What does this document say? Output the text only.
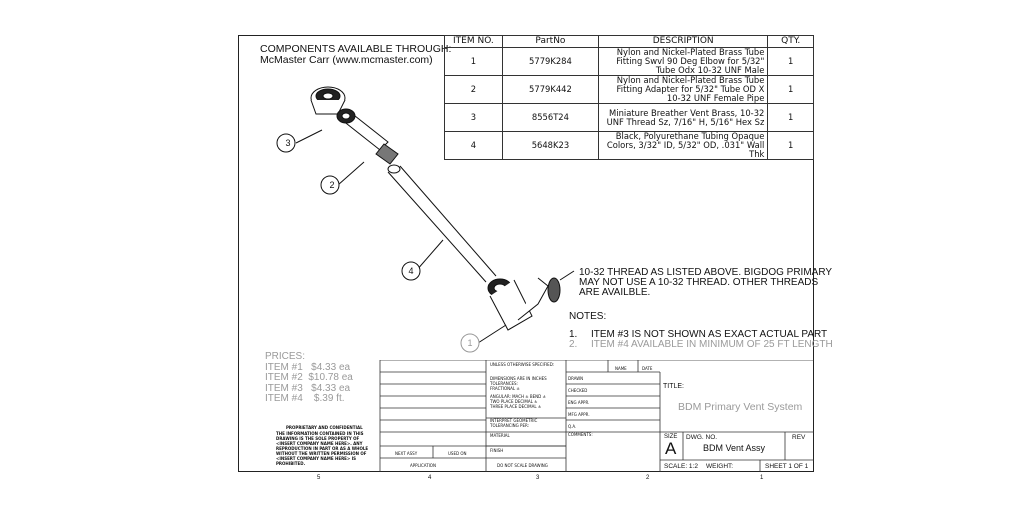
COMPONENTS AVAILABLE THROUGH:
McMaster Carr (www.mcmaster.com)
ITEM NO.	PartNo	DESCRIPTION	QTY.
1	5779K284	Nylon and Nickel-Plated Brass Tube Fitting Swvl 90 Deg Elbow for 5/32" Tube Odx 10-32 UNF Male	1
2	5779K442	Nylon and Nickel-Plated Brass Tube Fitting Adapter for 5/32" Tube OD X 10-32 UNF Female Pipe	1
3	8556T24	Miniature Breather Vent Brass, 10-32 UNF Thread Sz, 7/16" H, 5/16" Hex Sz	1
4	5648K23	Black, Polyurethane Tubing Opaque Colors, 3/32" ID, 5/32" OD, .031" Wall Thk	1
3
2
4
1
10-32 THREAD AS LISTED ABOVE. BIGDOG PRIMARY
MAY NOT USE A 10-32 THREAD. OTHER THREADS
ARE AVAILBLE.
NOTES:
1. ITEM #3 IS NOT SHOWN AS EXACT ACTUAL PART
2. ITEM #4 AVAILABLE IN MINIMUM OF 25 FT LENGTH
PRICES:
ITEM #1 $4.33 ea
ITEM #2 $10.78 ea
ITEM #3 $4.33 ea
ITEM #4 $.39 ft.
UNLESS OTHERWISE SPECIFIED:
DIMENSIONS ARE IN INCHES
TOLERANCES:
FRACTIONAL ±
ANGULAR: MACH ± BEND ±
TWO PLACE DECIMAL ±
THREE PLACE DECIMAL ±
INTERPRET GEOMETRIC
TOLERANCING PER:
MATERIAL
FINISH
DO NOT SCALE DRAWING
NEXT ASSY	USED ON
APPLICATION
NAME	DATE
DRAWN
CHECKED
ENG APPR.
MFG APPR.
Q.A.
COMMENTS:
TITLE:
BDM Primary Vent System
SIZE
A
DWG. NO.
BDM Vent Assy
REV
SCALE: 1:2 WEIGHT:	SHEET 1 OF 1
PROPRIETARY AND CONFIDENTIAL
THE INFORMATION CONTAINED IN THIS DRAWING IS THE SOLE PROPERTY OF <INSERT COMPANY NAME HERE>. ANY REPRODUCTION IN PART OR AS A WHOLE WITHOUT THE WRITTEN PERMISSION OF <INSERT COMPANY NAME HERE> IS PROHIBITED.
5	4	3	2	1
